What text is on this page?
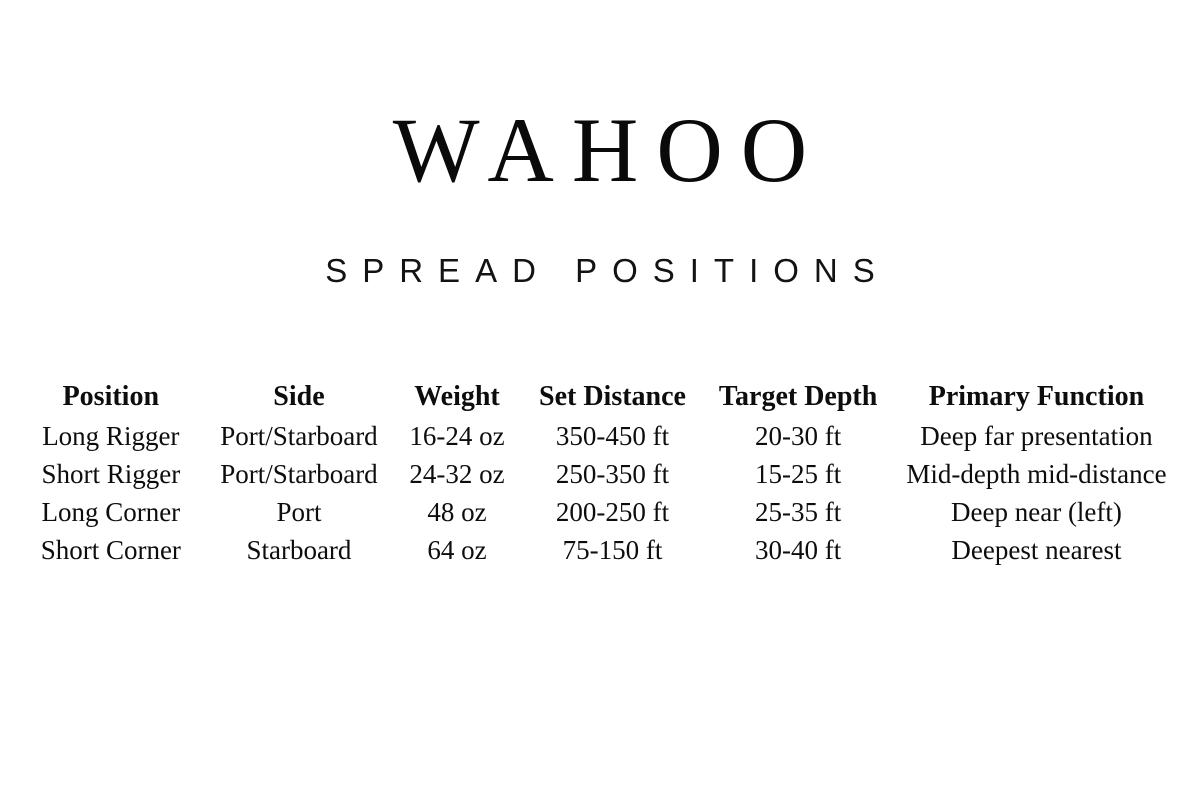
WAHOO
SPREAD POSITIONS
Position	Side	Weight	Set Distance	Target Depth	Primary Function
Long Rigger	Port/Starboard	16-24 oz	350-450 ft	20-30 ft	Deep far presentation
Short Rigger	Port/Starboard	24-32 oz	250-350 ft	15-25 ft	Mid-depth mid-distance
Long Corner	Port	48 oz	200-250 ft	25-35 ft	Deep near (left)
Short Corner	Starboard	64 oz	75-150 ft	30-40 ft	Deepest nearest
